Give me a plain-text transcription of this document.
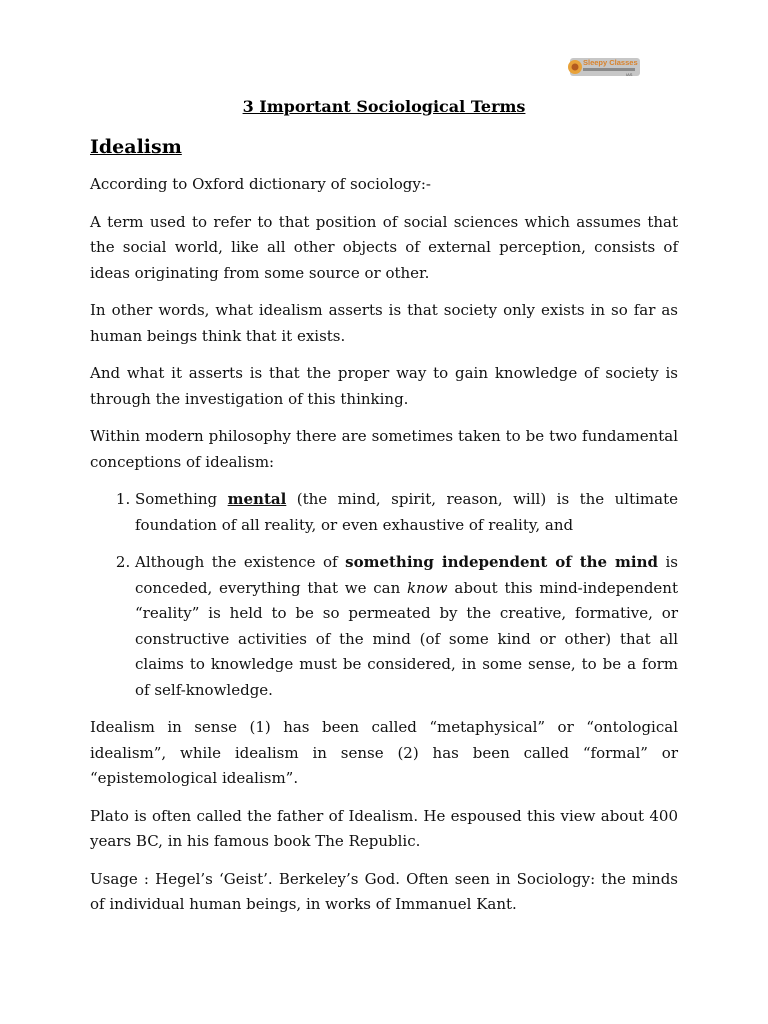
Sleepy Classes
IAS
3 Important Sociological Terms
Idealism

According to Oxford dictionary of sociology:-

A term used to refer to that position of social sciences which assumes that the social world, like all other objects of external perception, consists of ideas originating from some source or other.

In other words, what idealism asserts is that society only exists in so far as human beings think that it exists.

And what it asserts is that the proper way to gain knowledge of society is through the investigation of this thinking.

Within modern philosophy there are sometimes taken to be two fundamental conceptions of idealism:

1. Something mental (the mind, spirit, reason, will) is the ultimate foundation of all reality, or even exhaustive of reality, and
2. Although the existence of something independent of the mind is conceded, everything that we can know about this mind-independent “reality” is held to be so permeated by the creative, formative, or constructive activities of the mind (of some kind or other) that all claims to knowledge must be considered, in some sense, to be a form of self-knowledge.

Idealism in sense (1) has been called “metaphysical” or “ontological idealism”, while idealism in sense (2) has been called “formal” or “epistemological idealism”.

Plato is often called the father of Idealism. He espoused this view about 400 years BC, in his famous book The Republic.

Usage : Hegel’s ‘Geist’. Berkeley’s God. Often seen in Sociology: the minds of individual human beings, in works of Immanuel Kant.
